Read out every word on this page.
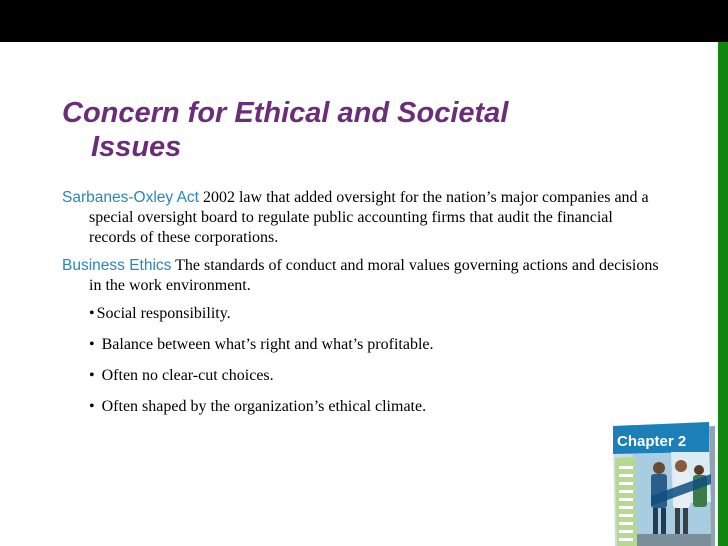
Concern for Ethical and Societal
Issues

Sarbanes-Oxley Act 2002 law that added oversight for the nation’s major companies and a special oversight board to regulate public accounting firms that audit the financial records of these corporations.

Business Ethics The standards of conduct and moral values governing actions and decisions in the work environment.

• Social responsibility.
• Balance between what’s right and what’s profitable.
• Often no clear-cut choices.
• Often shaped by the organization’s ethical climate.
Chapter 2
